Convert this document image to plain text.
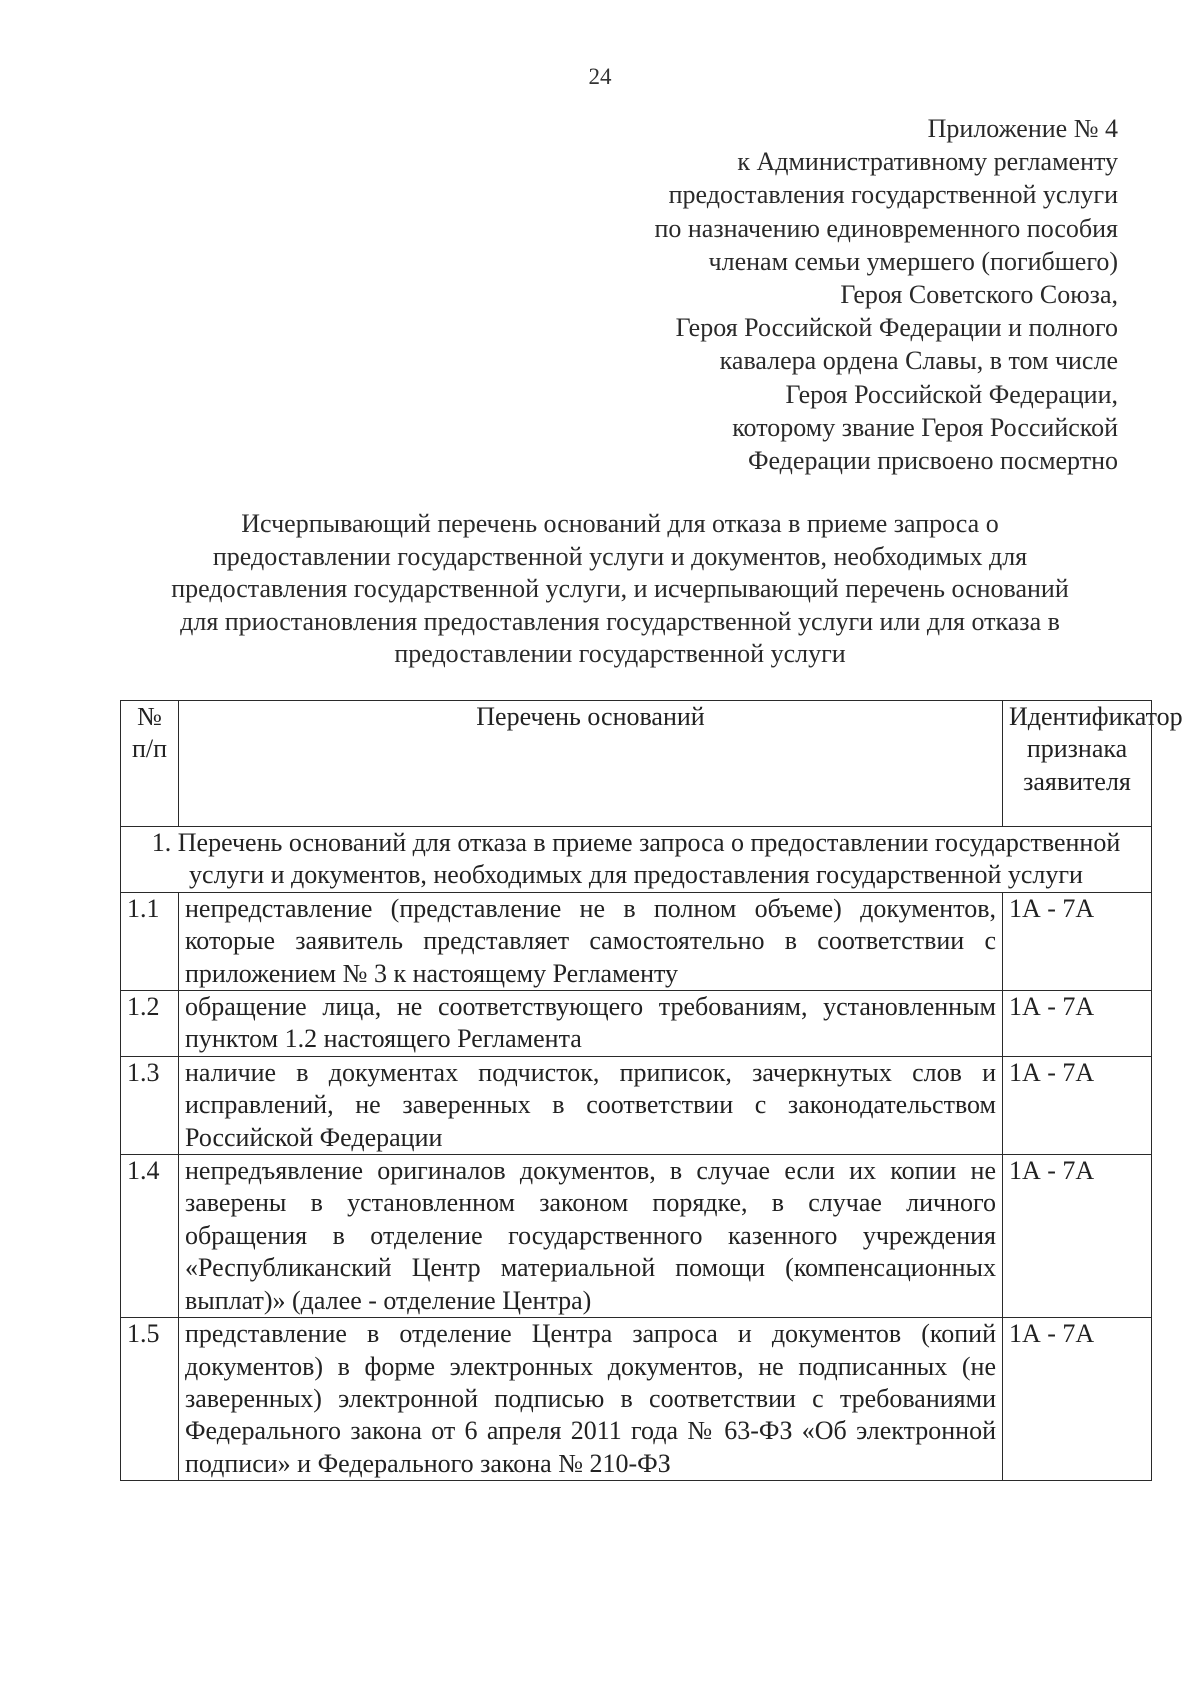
24
Приложение № 4
к Административному регламенту
предоставления государственной услуги
по назначению единовременного пособия
членам семьи умершего (погибшего)
Героя Советского Союза,
Героя Российской Федерации и полного
кавалера ордена Славы, в том числе
Героя Российской Федерации,
которому звание Героя Российской
Федерации присвоено посмертно
Исчерпывающий перечень оснований для отказа в приеме запроса о
предоставлении государственной услуги и документов, необходимых для
предоставления государственной услуги, и исчерпывающий перечень оснований
для приостановления предоставления государственной услуги или для отказа в
предоставлении государственной услуги
№ п/п	Перечень оснований	Идентификатор признака заявителя
1. Перечень оснований для отказа в приеме запроса о предоставлении государственной услуги и документов, необходимых для предоставления государственной услуги		
1.1	непредставление (представление не в полном объеме) документов, которые заявитель представляет самостоятельно в соответствии с приложением № 3 к настоящему Регламенту	1А - 7А
1.2	обращение лица, не соответствующего требованиям, установленным пунктом 1.2 настоящего Регламента	1А - 7А
1.3	наличие в документах подчисток, приписок, зачеркнутых слов и исправлений, не заверенных в соответствии с законодательством Российской Федерации	1А - 7А
1.4	непредъявление оригиналов документов, в случае если их копии не заверены в установленном законом порядке, в случае личного обращения в отделение государственного казенного учреждения «Республиканский Центр материальной помощи (компенсационных выплат)» (далее - отделение Центра)	1А - 7А
1.5	представление в отделение Центра запроса и документов (копий документов) в форме электронных документов, не подписанных (не заверенных) электронной подписью в соответствии с требованиями Федерального закона от 6 апреля 2011 года № 63-ФЗ «Об электронной подписи» и Федерального закона № 210-ФЗ	1А - 7А
